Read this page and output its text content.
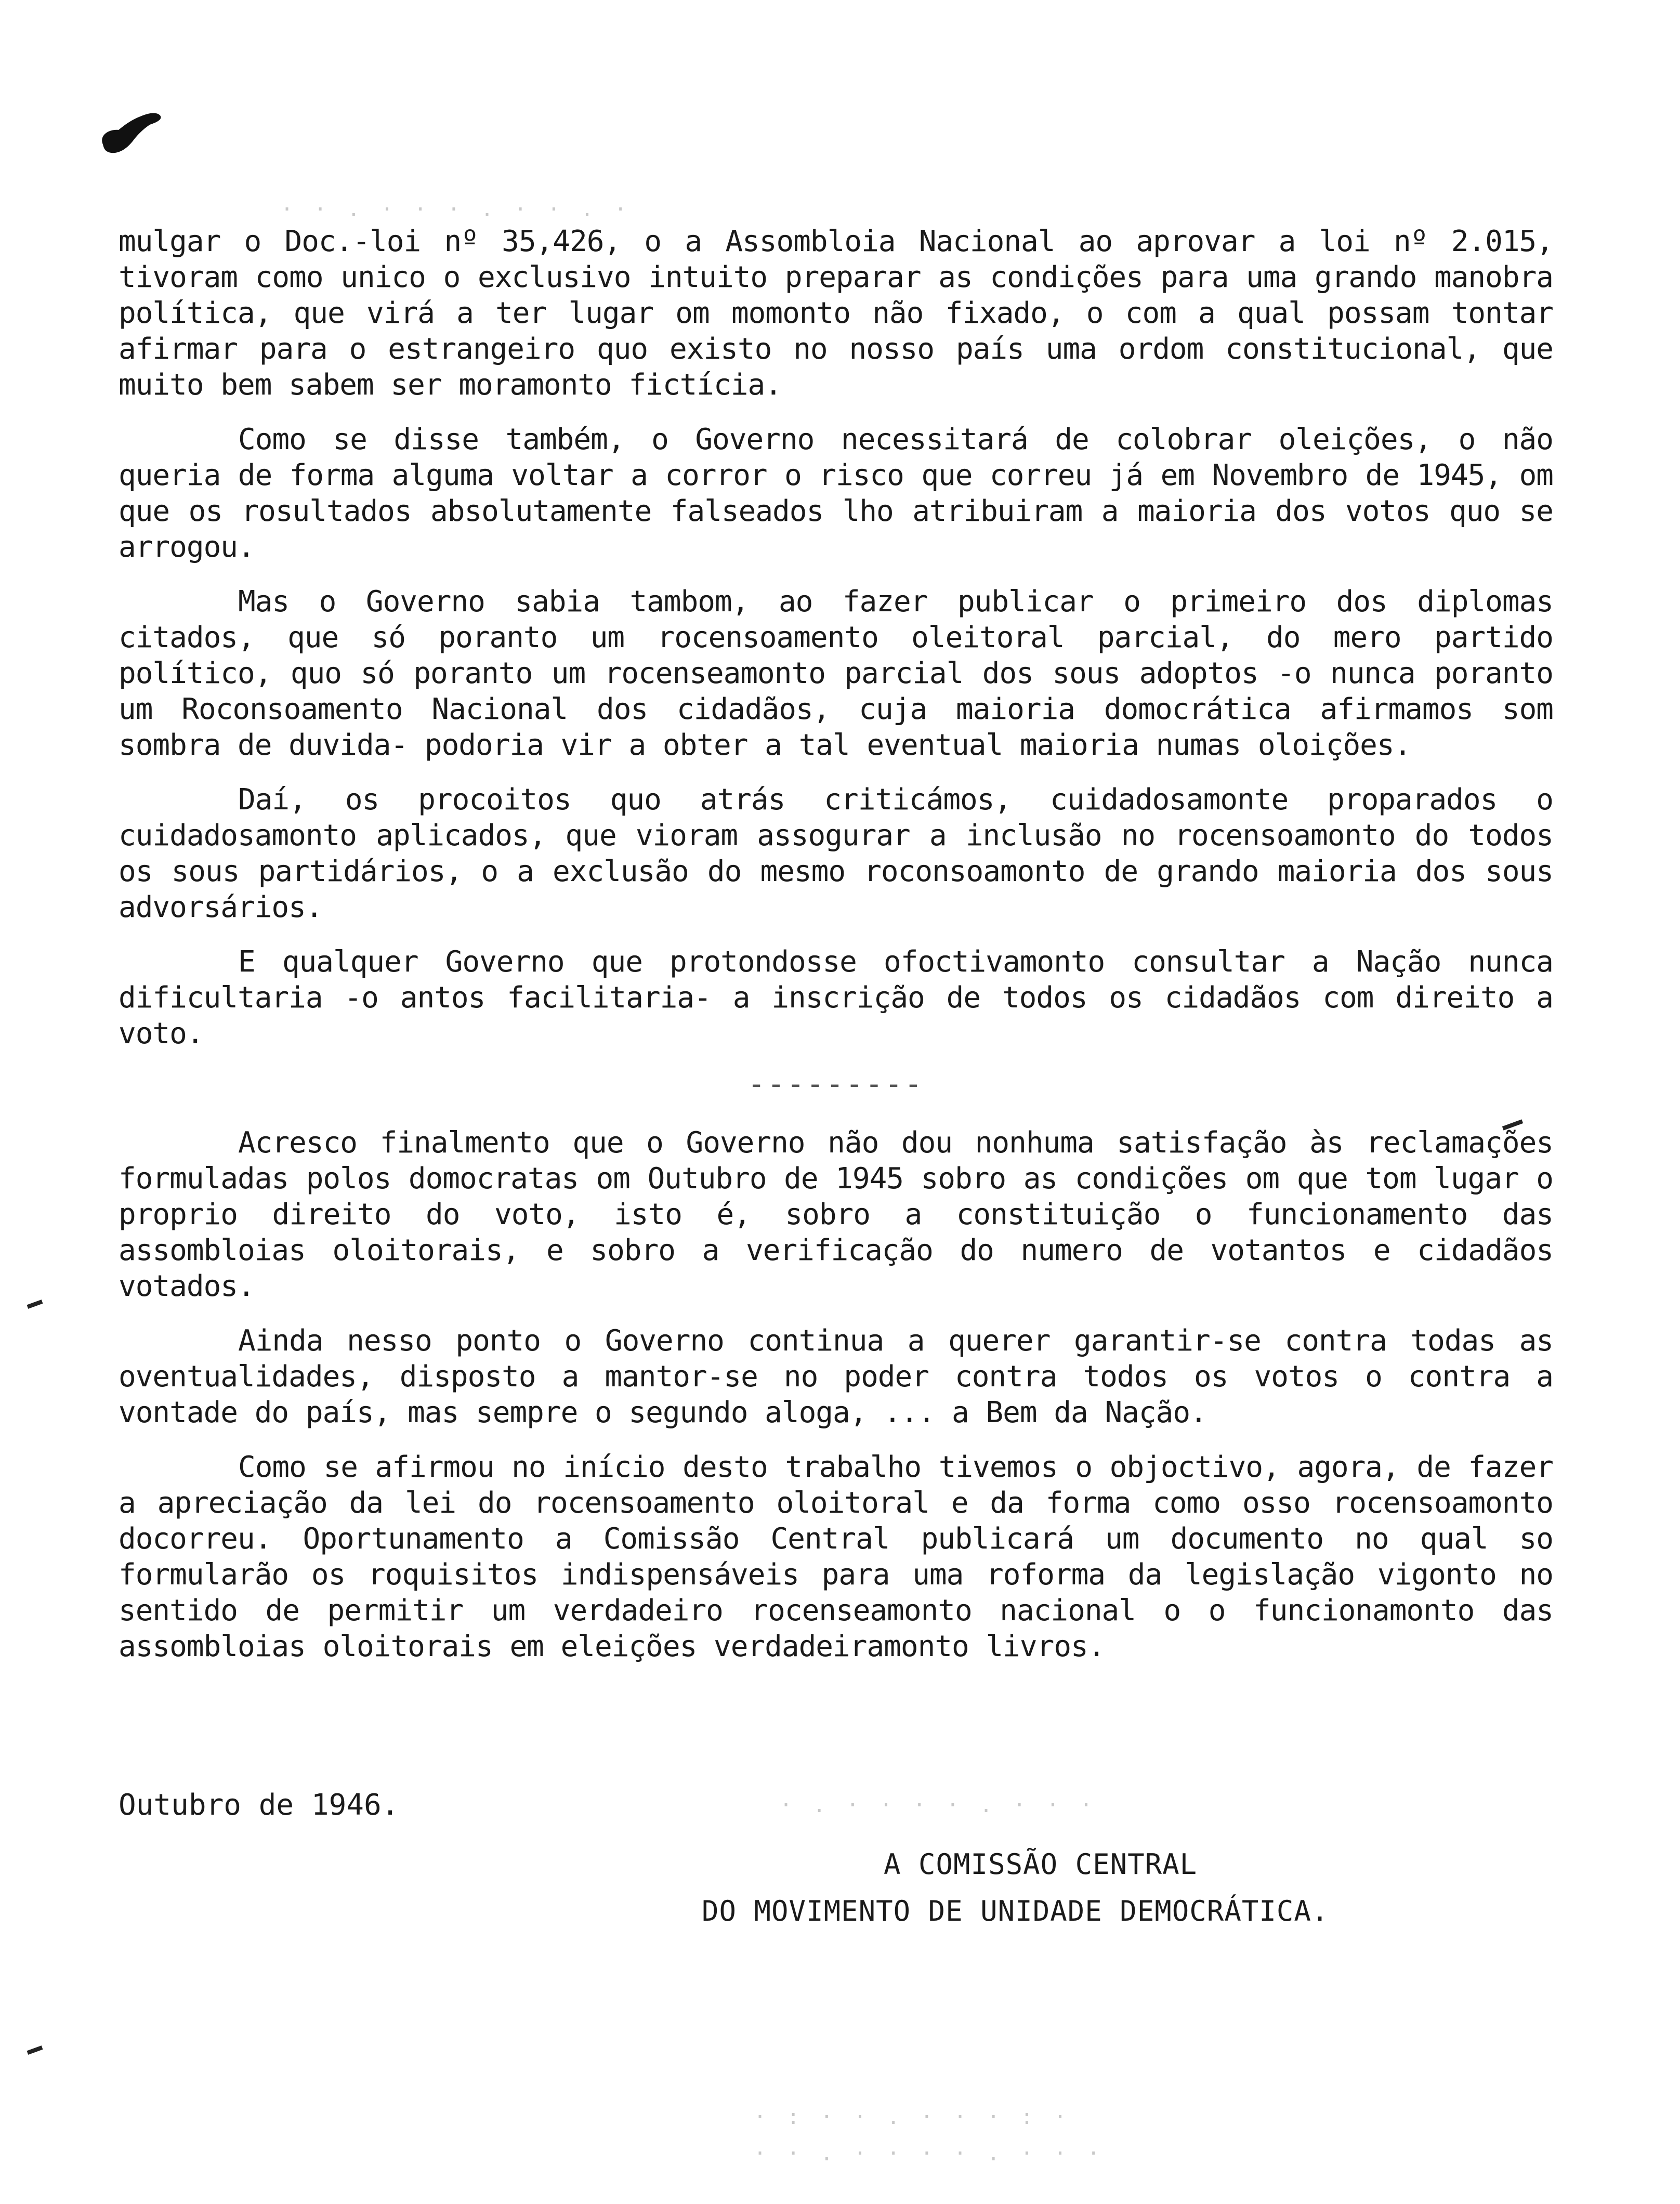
mulgar o Doc.-loi nº 35,426, o a Assombloia Nacional ao aprovar a loi nº 2.015, tivoram como unico o exclusivo intuito preparar as condições para uma grando manobra política, que virá a ter lugar om momonto não fixado, o com a qual possam tontar afirmar para o estrangeiro quo existo no nosso país uma ordom constitucional, que muito bem sabem ser moramonto fictícia.

Como se disse também, o Governo necessitará de colobrar oleições, o não queria de forma alguma voltar a corror o risco que correu já em Novembro de 1945, om que os rosultados absolutamente falseados lho atribuiram a maioria dos votos quo se arrogou.

Mas o Governo sabia tambom, ao fazer publicar o primeiro dos diplomas citados, que só poranto um rocensoamento oleitoral parcial, do mero partido político, quo só poranto um rocenseamonto parcial dos sous adoptos -o nunca poranto um Roconsoamento Nacional dos cidadãos, cuja maioria domocrática afirmamos som sombra de duvida- podoria vir a obter a tal eventual maioria numas oloições.

Daí, os procoitos quo atrás criticámos, cuidadosamonte proparados o cuidadosamonto aplicados, que vioram assogurar a inclusão no rocensoamonto do todos os sous partidários, o a exclusão do mesmo roconsoamonto de grando maioria dos sous advorsários.

E qualquer Governo que protondosse ofoctivamonto consultar a Nação nunca dificultaria -o antos facilitaria- a inscrição de todos os cidadãos com direito a voto.

---------

Acresco finalmento que o Governo não dou nonhuma satisfação às reclamações formuladas polos domocratas om Outubro de 1945 sobro as condições om que tom lugar o proprio direito do voto, isto é, sobro a constituição o funcionamento das assombloias oloitorais, e sobro a verificação do numero de votantos e cidadãos votados.

Ainda nesso ponto o Governo continua a querer garantir-se contra todas as oventualidades, disposto a mantor-se no poder contra todos os votos o contra a vontade do país, mas sempre o segundo aloga, ... a Bem da Nação.

Como se afirmou no início desto trabalho tivemos o objoctivo, agora, de fazer a apreciação da lei do rocensoamento oloitoral e da forma como osso rocensoamonto docorreu. Oportunamento a Comissão Central publicará um documento no qual so formularão os roquisitos indispensáveis para uma roforma da legislação vigonto no sentido de permitir um verdadeiro rocenseamonto nacional o o funcionamonto das assombloias oloitorais em eleições verdadeiramonto livros.

Outubro de 1946.
A COMISSÃO CENTRAL
DO MOVIMENTO DE UNIDADE DEMOCRÁTICA.
· · . · · · . · · . ·
· : · · . · · · : ·
· · . · · · · . · · ·
· . · · · · . · · ·
